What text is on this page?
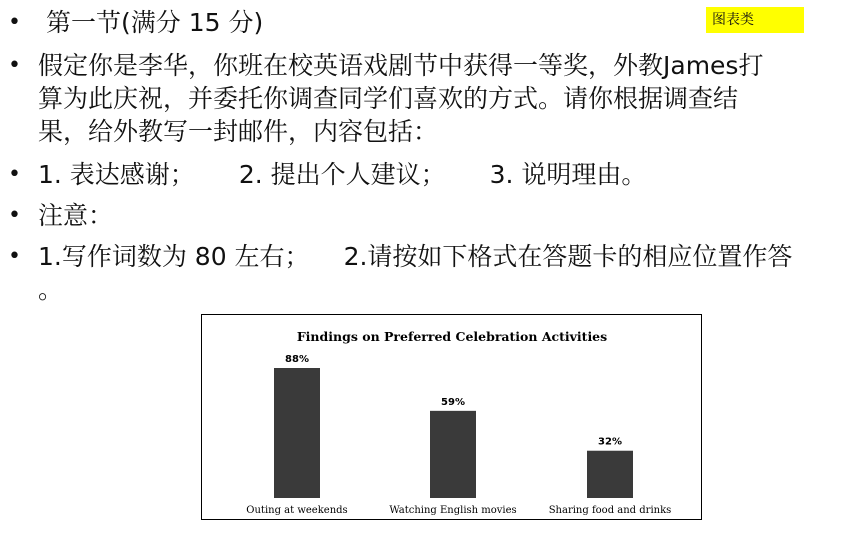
图表类
• 第一节(满分 15 分)
• 假定你是李华，你班在校英语戏剧节中获得一等奖，外教James打
算为此庆祝，并委托你调查同学们喜欢的方式。请你根据调查结
果，给外教写一封邮件，内容包括：
• 1. 表达感谢； 2. 提出个人建议； 3. 说明理由。
• 注意：
• 1.写作词数为 80 左右； 2.请按如下格式在答题卡的相应位置作答
。
Findings on Preferred Celebration Activities
88%
Outing at weekends
59%
Watching English movies
32%
Sharing food and drinks
